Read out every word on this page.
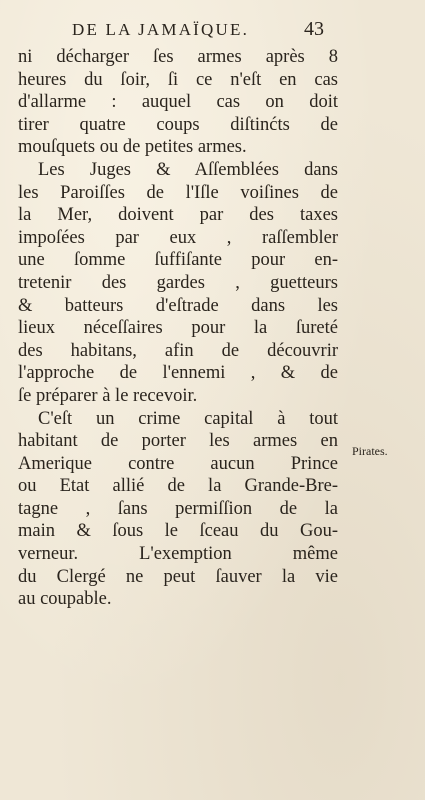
DE LA JAMAÏQUE.	43
ni décharger ſes armes après 8
heures du ſoir, ſi ce n'eſt en cas
d'allarme : auquel cas on doit
tirer quatre coups diſtinćts de
mouſquets ou de petites armes.
Les Juges & Aſſemblées dans
les Paroiſſes de l'Iſle voiſines de
la Mer, doivent par des taxes
impoſées par eux , raſſembler
une ſomme ſuffiſante pour en-
tretenir des gardes , guetteurs
& batteurs d'eſtrade dans les
lieux néceſſaires pour la ſureté
des habitans, afin de découvrir
l'approche de l'ennemi , & de
ſe préparer à le recevoir.
C'eſt un crime capital à tout
habitant de porter les armes en
Amerique contre aucun Prince
ou Etat allié de la Grande-Bre-
tagne , ſans permiſſion de la
main & ſous le ſceau du Gou-
verneur. L'exemption même
du Clergé ne peut ſauver la vie
au coupable.
Pirates.
